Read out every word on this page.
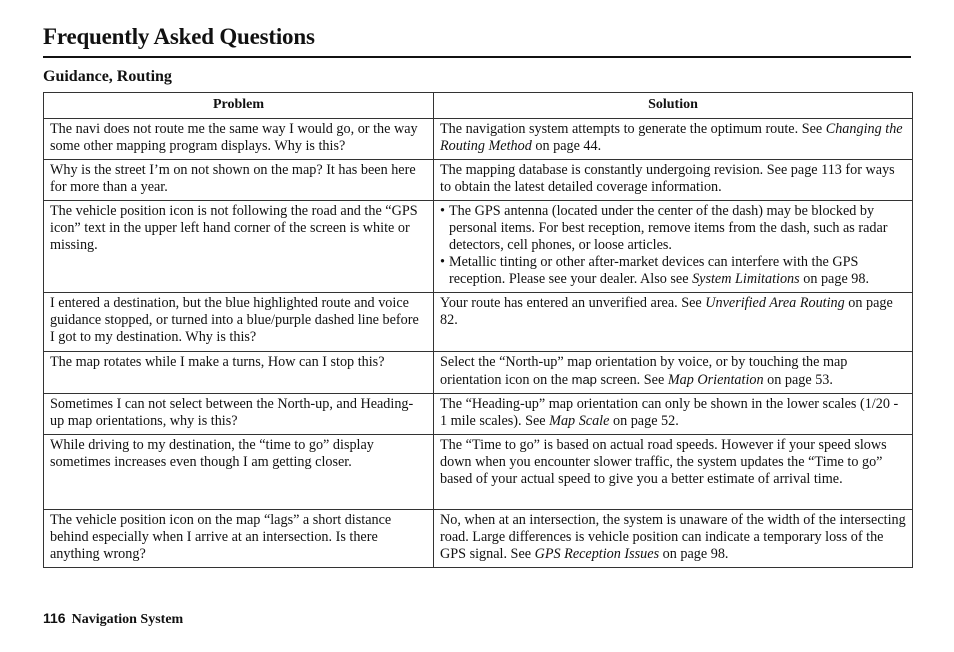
Frequently Asked Questions
Guidance, Routing
Problem	Solution
The navi does not route me the same way I would go, or the way some other mapping program displays. Why is this?	The navigation system attempts to generate the optimum route. See Changing the Routing Method on page 44.
Why is the street I’m on not shown on the map? It has been here for more than a year.	The mapping database is constantly undergoing revision. See page 113 for ways to obtain the latest detailed coverage information.
The vehicle position icon is not following the road and the “GPS icon” text in the upper left hand corner of the screen is white or missing.	• The GPS antenna (located under the center of the dash) may be blocked by personal items. For best reception, remove items from the dash, such as radar detectors, cell phones, or loose articles.
• Metallic tinting or other after-market devices can interfere with the GPS reception. Please see your dealer. Also see System Limitations on page 98.

I entered a destination, but the blue highlighted route and voice guidance stopped, or turned into a blue/purple dashed line before I got to my destination. Why is this?	Your route has entered an unverified area. See Unverified Area Routing on page 82.
The map rotates while I make a turns, How can I stop this?	Select the “North-up” map orientation by voice, or by touching the map orientation icon on the map screen. See Map Orientation on page 53.
Sometimes I can not select between the North-up, and Heading-up map orientations, why is this?	The “Heading-up” map orientation can only be shown in the lower scales (1/20 - 1 mile scales). See Map Scale on page 52.
While driving to my destination, the “time to go” display sometimes increases even though I am getting closer.	The “Time to go” is based on actual road speeds. However if your speed slows down when you encounter slower traffic, the system updates the “Time to go” based of your actual speed to give you a better estimate of arrival time.
The vehicle position icon on the map “lags” a short distance behind especially when I arrive at an intersection. Is there anything wrong?	No, when at an intersection, the system is unaware of the width of the intersecting road. Large differences is vehicle position can indicate a temporary loss of the GPS signal. See GPS Reception Issues on page 98.
116 Navigation System
